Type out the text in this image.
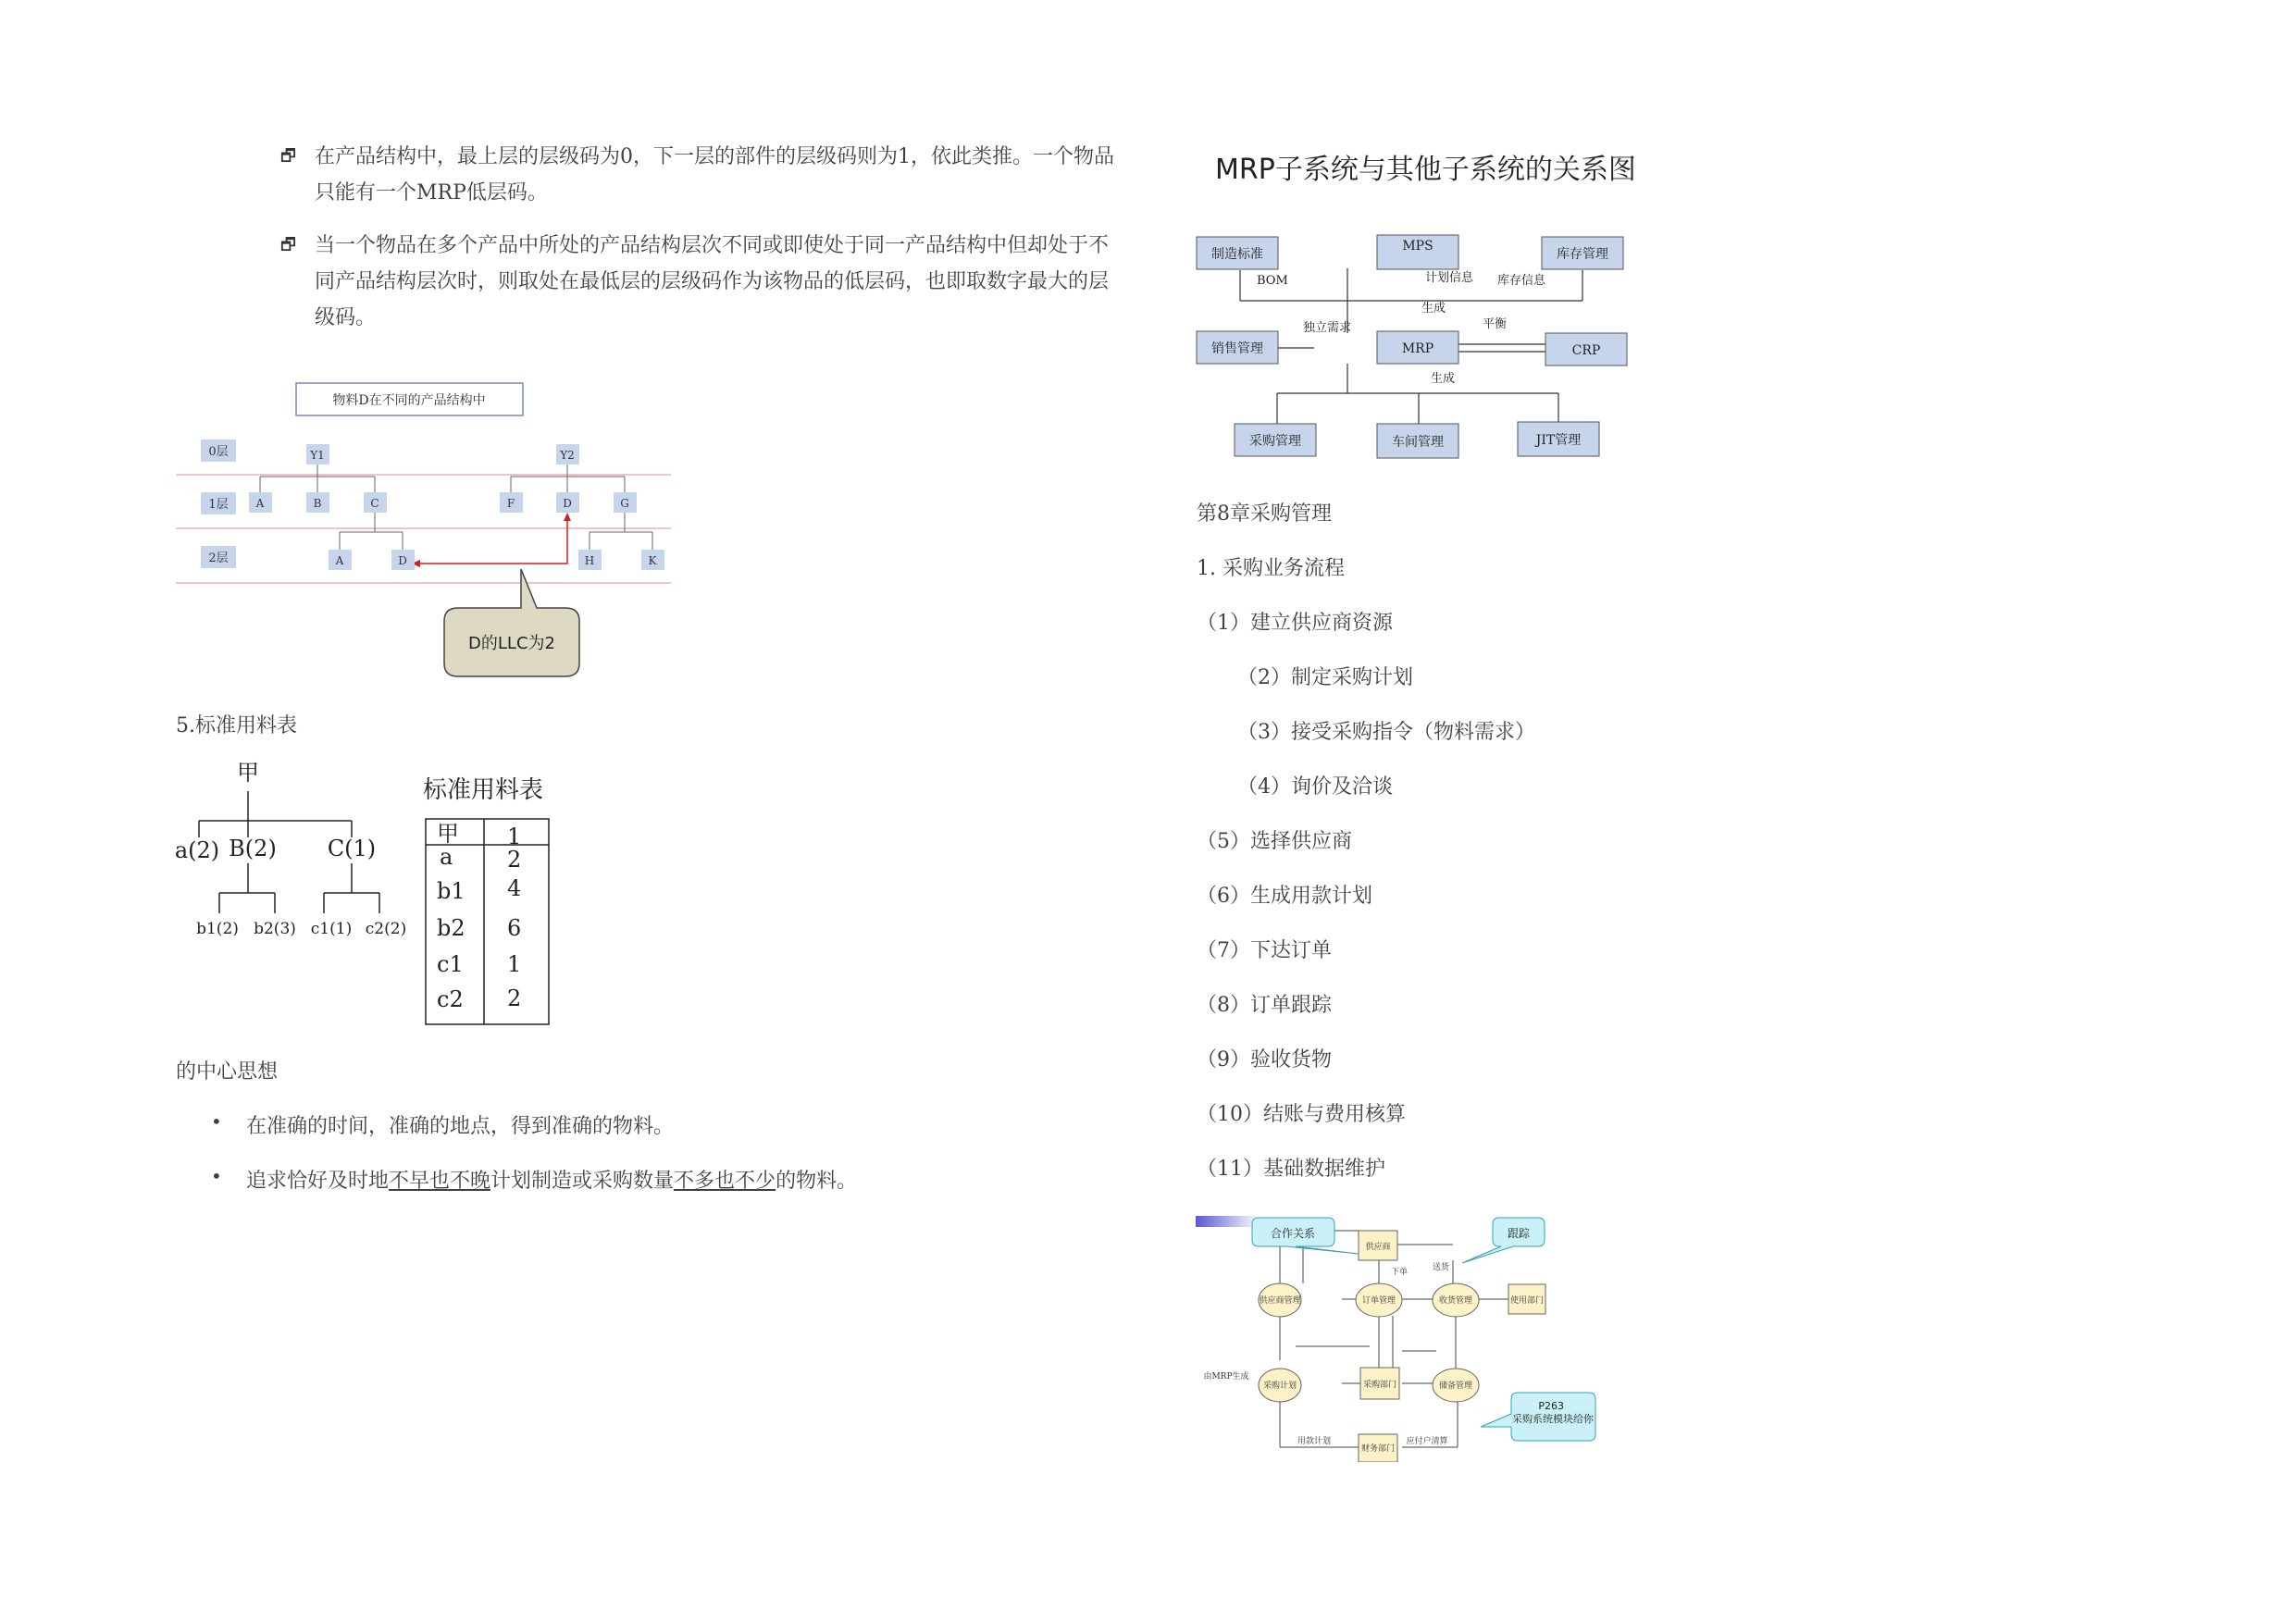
🗗 在产品结构中，最上层的层级码为0，下一层的部件的层级码则为1，依此类推。一个物品只能有一个MRP低层码。
🗗 当一个物品在多个产品中所处的产品结构层次不同或即使处于同一产品结构中但却处于不同产品结构层次时，则取处在最低层的层级码作为该物品的低层码，也即取数字最大的层级码。
物料D在不同的产品结构中
0层
1层
2层
Y1	Y2
A	B	C	F	D	G
A	D	H	K
D的LLC为2
5.标准用料表
甲
a(2) B(2) C(1)
b1(2) b2(3) c1(1) c2(2)
标准用料表
甲 1
a 2
b1 4
b2 6
c1 1
c2 2
的中心思想
• 在准确的时间，准确的地点，得到准确的物料。
• 追求恰好及时地不早也不晚计划制造或采购数量不多也不少的物料。
MRP子系统与其他子系统的关系图
制造标准
MPS
库存管理
销售管理	MRP	CRP
采购管理	车间管理	JIT管理
BOM	计划信息 库存信息
生成
独立需求	平衡
生成
第8章采购管理
1. 采购业务流程
（1）建立供应商资源
（2）制定采购计划
（3）接受采购指令（物料需求）
（4）询价及洽谈
（5）选择供应商
（6）生成用款计划
（7）下达订单
（8）订单跟踪
（9）验收货物
（10）结账与费用核算
（11）基础数据维护
合作关系	跟踪
供应商
下单	送货
供应商管理	订单管理	收货管理	使用部门
由MRP生成
采购计划	采购部门	储备管理
用款计划
财务部门
应付户清算
P263 采购系统模块给你
